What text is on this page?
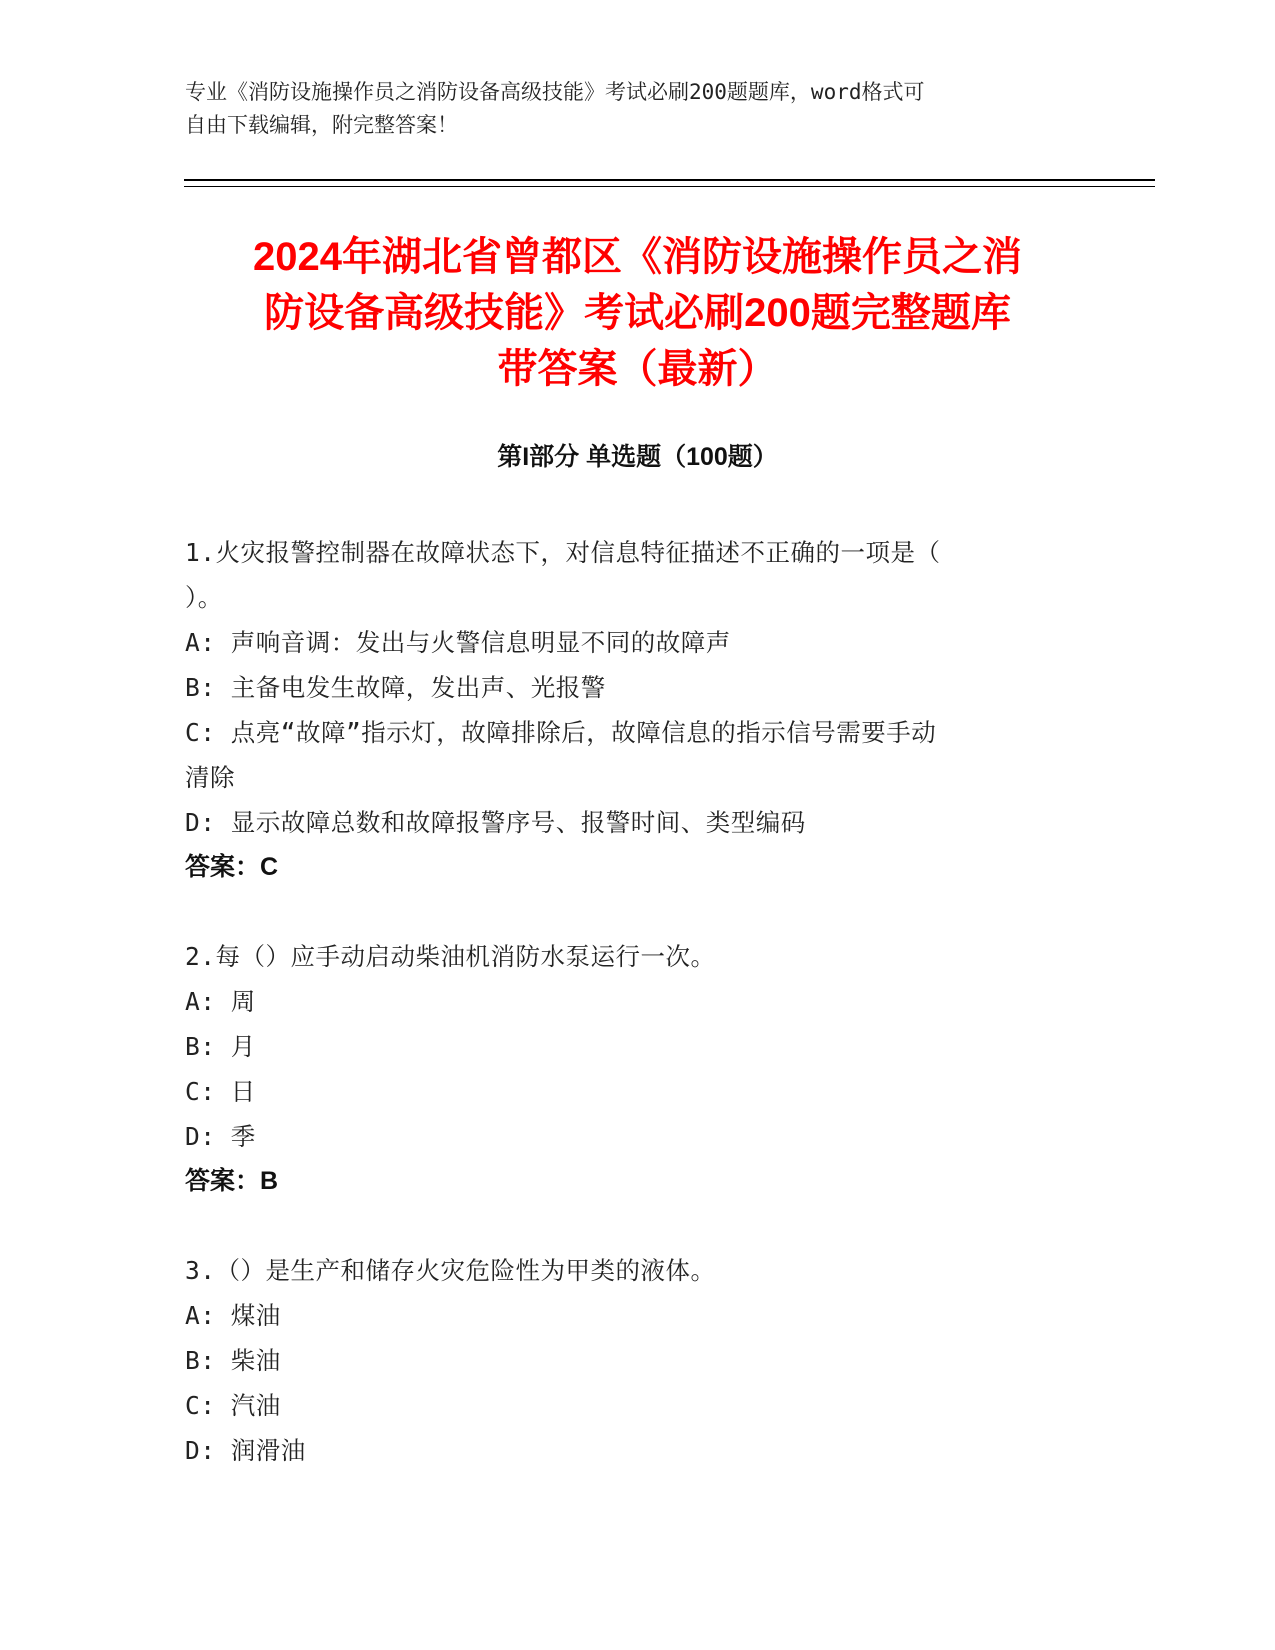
专业《消防设施操作员之消防设备高级技能》考试必刷200题题库，word格式可
自由下载编辑，附完整答案！
2024年湖北省曾都区《消防设施操作员之消
防设备高级技能》考试必刷200题完整题库
带答案（最新）
第I部分 单选题（100题）
1.火灾报警控制器在故障状态下，对信息特征描述不正确的一项是（
）。
A: 声响音调：发出与火警信息明显不同的故障声
B: 主备电发生故障，发出声、光报警
C: 点亮“故障”指示灯，故障排除后，故障信息的指示信号需要手动
清除
D: 显示故障总数和故障报警序号、报警时间、类型编码
答案：C
2.每（）应手动启动柴油机消防水泵运行一次。
A: 周
B: 月
C: 日
D: 季
答案：B
3.（）是生产和储存火灾危险性为甲类的液体。
A: 煤油
B: 柴油
C: 汽油
D: 润滑油
